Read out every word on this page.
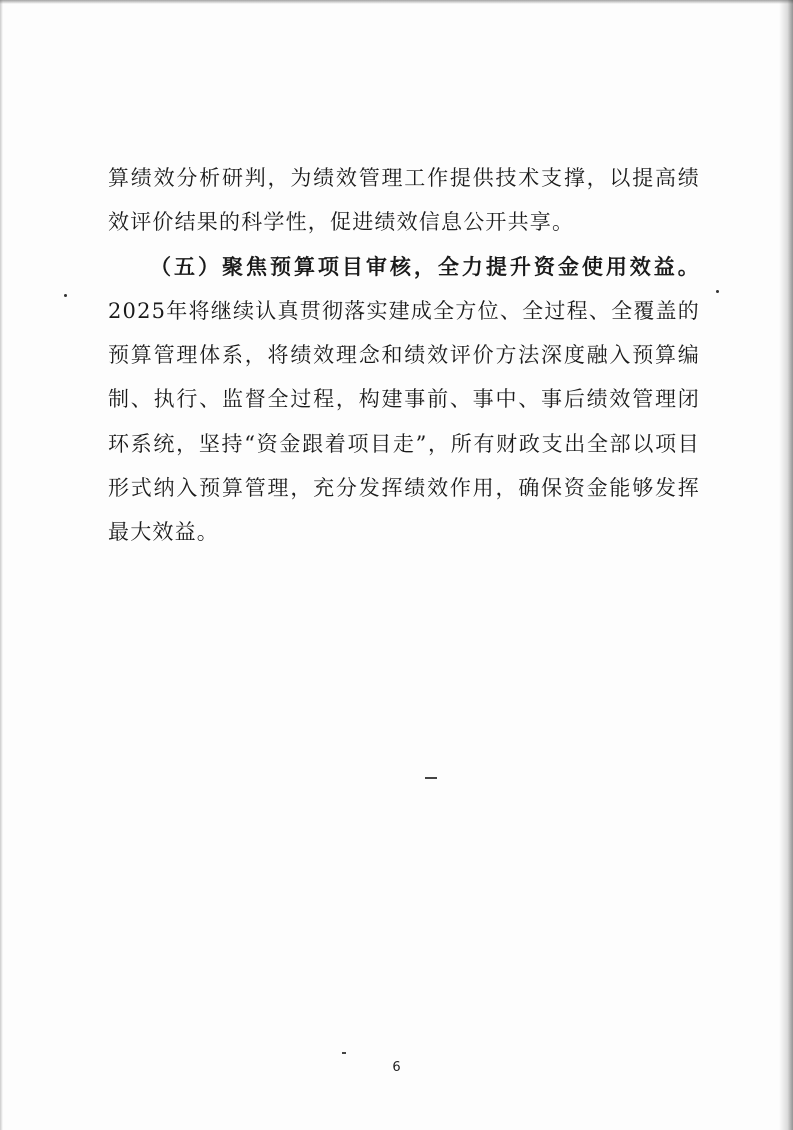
算绩效分析研判，为绩效管理工作提供技术支撑，以提高绩效评价结果的科学性，促进绩效信息公开共享。

（五）聚焦预算项目审核，全力提升资金使用效益。2025年将继续认真贯彻落实建成全方位、全过程、全覆盖的预算管理体系，将绩效理念和绩效评价方法深度融入预算编制、执行、监督全过程，构建事前、事中、事后绩效管理闭环系统，坚持“资金跟着项目走”，所有财政支出全部以项目形式纳入预算管理，充分发挥绩效作用，确保资金能够发挥最大效益。

6
